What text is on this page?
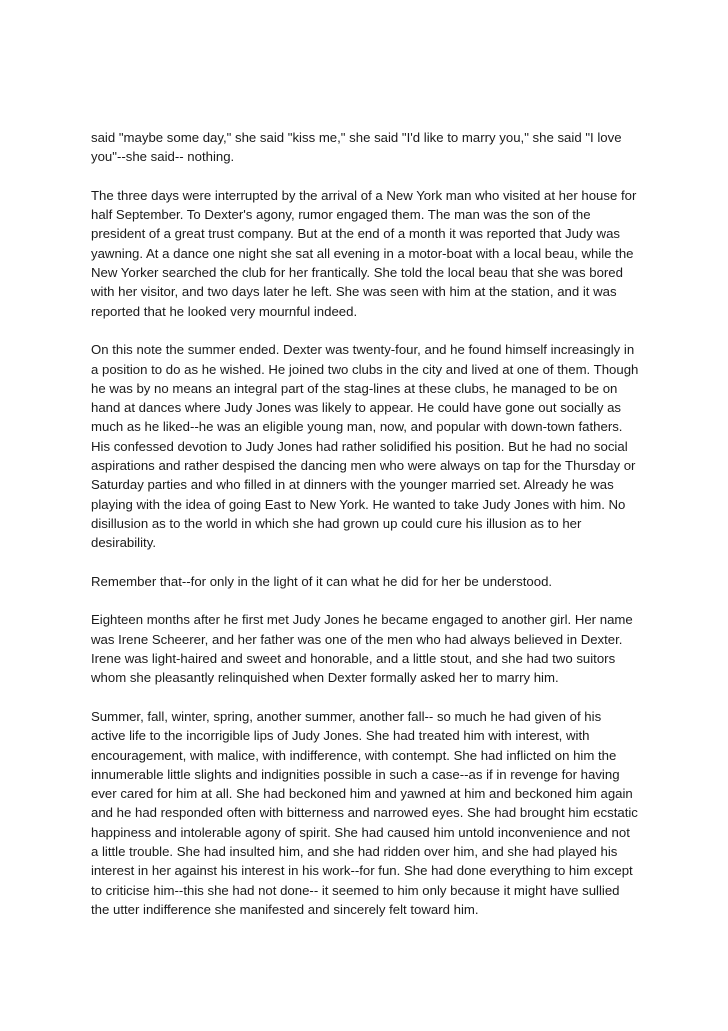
said "maybe some day," she said "kiss me," she said "I'd like to marry you," she said "I love you"--she said-- nothing.

The three days were interrupted by the arrival of a New York man who visited at her house for half September. To Dexter's agony, rumor engaged them. The man was the son of the president of a great trust company. But at the end of a month it was reported that Judy was yawning. At a dance one night she sat all evening in a motor-boat with a local beau, while the New Yorker searched the club for her frantically. She told the local beau that she was bored with her visitor, and two days later he left. She was seen with him at the station, and it was reported that he looked very mournful indeed.

On this note the summer ended. Dexter was twenty-four, and he found himself increasingly in a position to do as he wished. He joined two clubs in the city and lived at one of them. Though he was by no means an integral part of the stag-lines at these clubs, he managed to be on hand at dances where Judy Jones was likely to appear. He could have gone out socially as much as he liked--he was an eligible young man, now, and popular with down-town fathers. His confessed devotion to Judy Jones had rather solidified his position. But he had no social aspirations and rather despised the dancing men who were always on tap for the Thursday or Saturday parties and who filled in at dinners with the younger married set. Already he was playing with the idea of going East to New York. He wanted to take Judy Jones with him. No disillusion as to the world in which she had grown up could cure his illusion as to her desirability.

Remember that--for only in the light of it can what he did for her be understood.

Eighteen months after he first met Judy Jones he became engaged to another girl. Her name was Irene Scheerer, and her father was one of the men who had always believed in Dexter. Irene was light-haired and sweet and honorable, and a little stout, and she had two suitors whom she pleasantly relinquished when Dexter formally asked her to marry him.

Summer, fall, winter, spring, another summer, another fall-- so much he had given of his active life to the incorrigible lips of Judy Jones. She had treated him with interest, with encouragement, with malice, with indifference, with contempt. She had inflicted on him the innumerable little slights and indignities possible in such a case--as if in revenge for having ever cared for him at all. She had beckoned him and yawned at him and beckoned him again and he had responded often with bitterness and narrowed eyes. She had brought him ecstatic happiness and intolerable agony of spirit. She had caused him untold inconvenience and not a little trouble. She had insulted him, and she had ridden over him, and she had played his interest in her against his interest in his work--for fun. She had done everything to him except to criticise him--this she had not done-- it seemed to him only because it might have sullied the utter indifference she manifested and sincerely felt toward him.
